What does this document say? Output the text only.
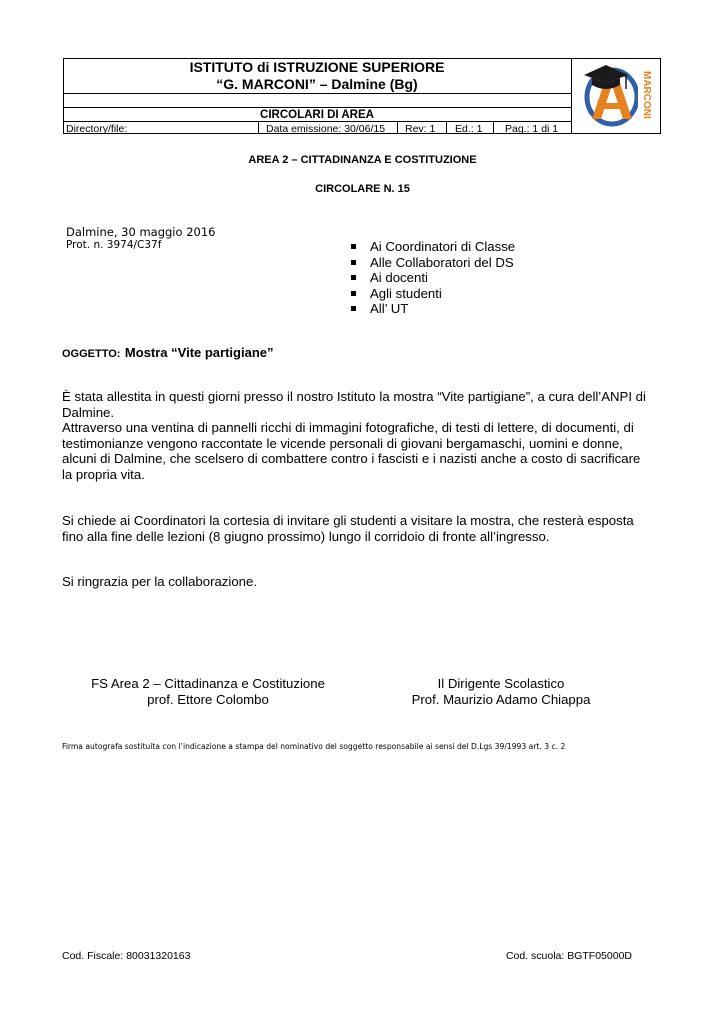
ISTITUTO di ISTRUZIONE SUPERIORE
“G. MARCONI” – Dalmine (Bg)
CIRCOLARI DI AREA
Directory/file:	Data emissione: 30/06/15 Rev: 1 Ed.: 1 Pag.: 1 di 1
MARCONI
AREA 2 – CITTADINANZA E COSTITUZIONE
CIRCOLARE N. 15
Dalmine, 30 maggio 2016
Prot. n. 3974/C37f	Ai Coordinatori di Classe
Alle Collaboratori del DS
Ai docenti
Agli studenti
All’ UT
OGGETTO: Mostra “Vite partigiane”
È stata allestita in questi giorni presso il nostro Istituto la mostra “Vite partigiane”, a cura dell’ANPI di
Dalmine.
Attraverso una ventina di pannelli ricchi di immagini fotografiche, di testi di lettere, di documenti, di
testimonianze vengono raccontate le vicende personali di giovani bergamaschi, uomini e donne,
alcuni di Dalmine, che scelsero di combattere contro i fascisti e i nazisti anche a costo di sacrificare
la propria vita.
Si chiede ai Coordinatori la cortesia di invitare gli studenti a visitare la mostra, che resterà esposta
fino alla fine delle lezioni (8 giugno prossimo) lungo il corridoio di fronte all’ingresso.
Si ringrazia per la collaborazione.
FS Area 2 – Cittadinanza e Costituzione
prof. Ettore Colombo
Il Dirigente Scolastico
Prof. Maurizio Adamo Chiappa
Firma autografa sostituita con l’indicazione a stampa del nominativo del soggetto responsabile ai sensi del D.Lgs 39/1993 art. 3 c. 2
Cod. Fiscale: 80031320163	Cod. scuola: BGTF05000D
